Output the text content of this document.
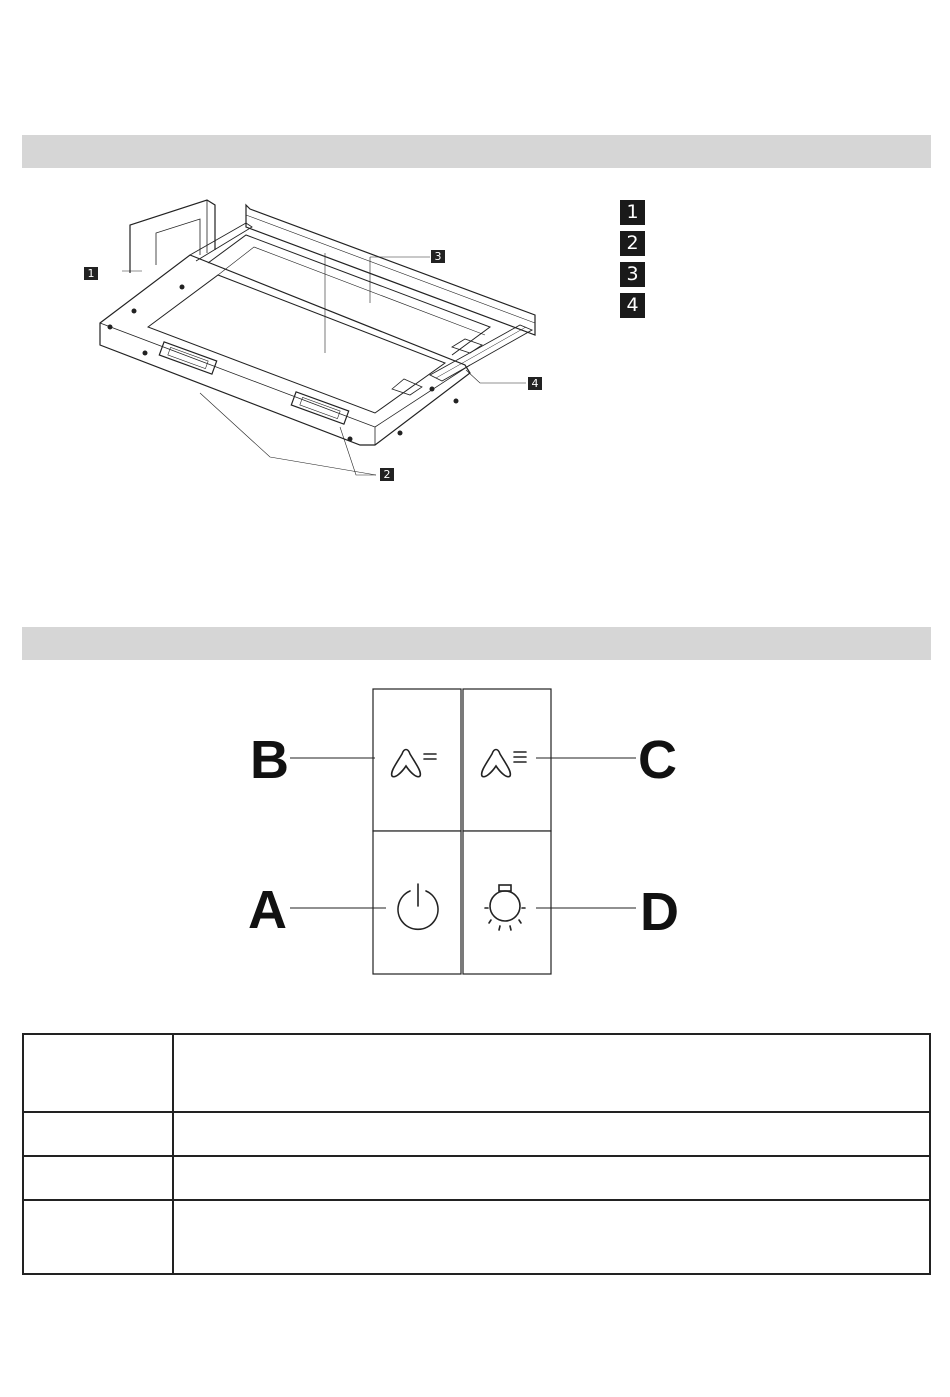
1
3
4
2
1
2
3
4
B	C
A	D
